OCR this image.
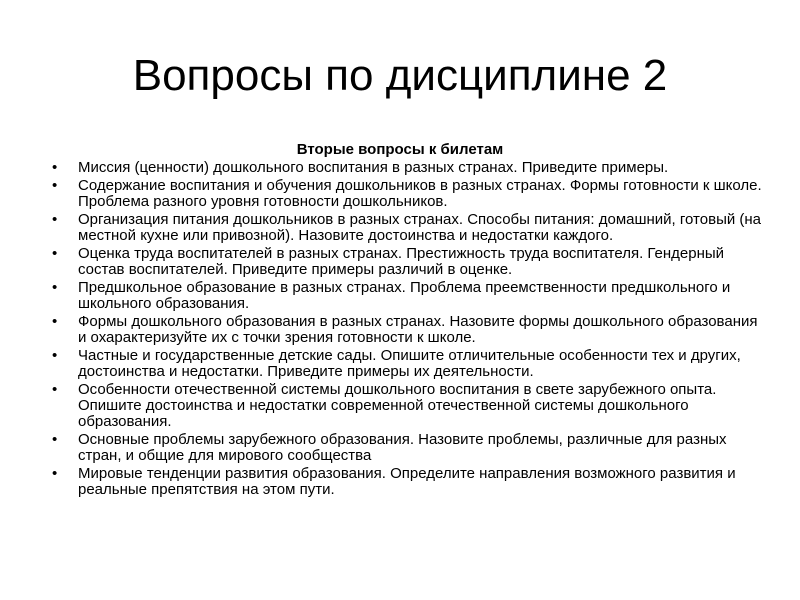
Вопросы по дисциплине 2

Вторые вопросы к билетам

•	Миссия (ценности) дошкольного воспитания в разных странах. Приведите примеры.
•	Содержание воспитания и обучения дошкольников в разных странах. Формы готовности к школе. Проблема разного уровня готовности дошкольников.
•	Организация питания дошкольников в разных странах. Способы питания: домашний, готовый (на местной кухне или привозной). Назовите достоинства и недостатки каждого.
•	Оценка труда воспитателей в разных странах. Престижность труда воспитателя. Гендерный состав воспитателей. Приведите примеры различий в оценке.
•	Предшкольное образование в разных странах. Проблема преемственности предшкольного и школьного образования.
•	Формы дошкольного образования в разных странах. Назовите формы дошкольного образования и охарактеризуйте их с точки зрения готовности к школе.
•	Частные и государственные детские сады. Опишите отличительные особенности тех и других, достоинства и недостатки. Приведите примеры их деятельности.
•	Особенности отечественной системы дошкольного воспитания в свете зарубежного опыта. Опишите достоинства и недостатки современной отечественной системы дошкольного образования.
•	Основные проблемы зарубежного образования. Назовите проблемы, различные для разных стран, и общие для мирового сообщества
•	Мировые тенденции развития образования. Определите направления возможного развития и реальные препятствия на этом пути.
